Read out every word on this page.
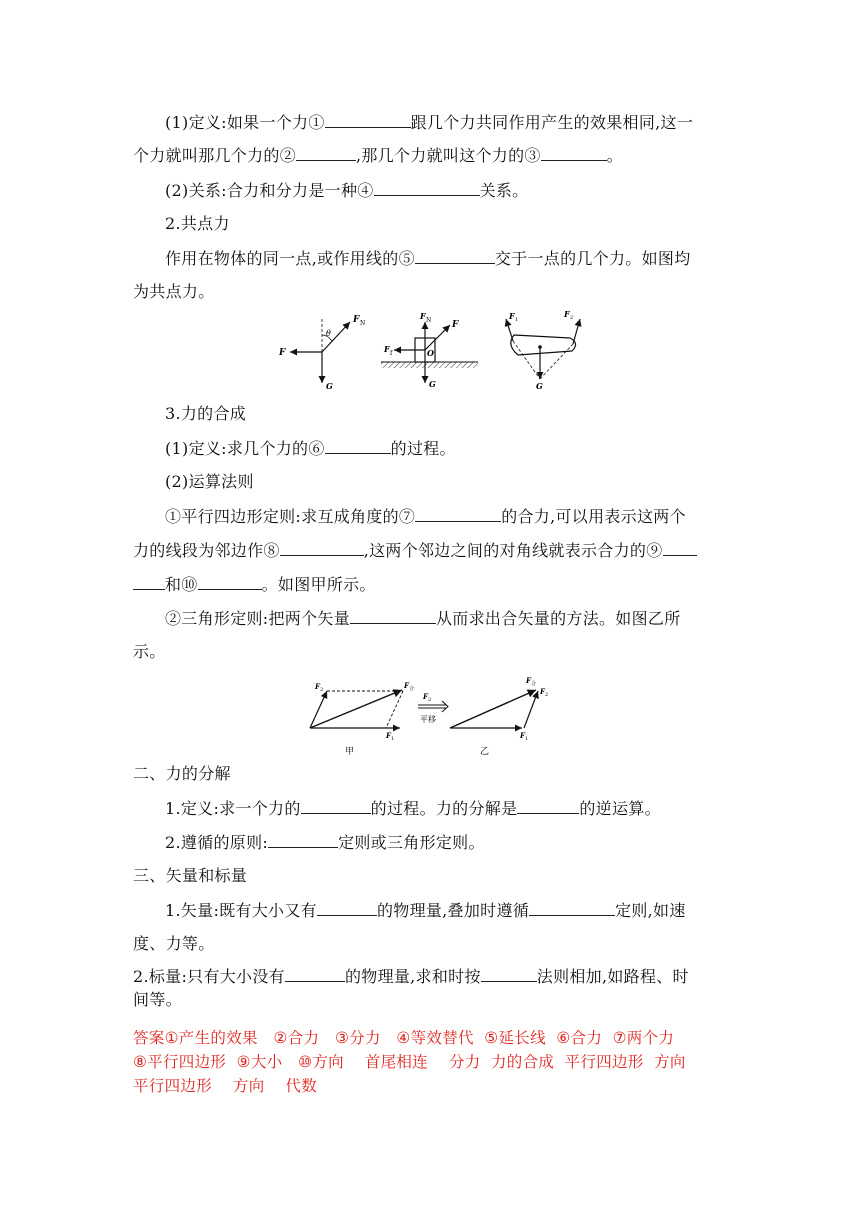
(1)定义:如果一个力①	跟几个力共同作用产生的效果相同,这一
个力就叫那几个力的②	,那几个力就叫这个力的③	。
(2)关系:合力和分力是一种④	关系。
2.共点力
作用在物体的同一点,或作用线的⑤	交于一点的几个力。如图均
为共点力。
F N
θ
F
G
F N F
F f	O
G
F 1
F 2
G
3.力的合成
(1)定义:求几个力的⑥	的过程。
(2)运算法则
①平行四边形定则:求互成角度的⑦	的合力,可以用表示这两个
力的线段为邻边作⑧	,这两个邻边之间的对角线就表示合力的⑨
和⑩	。如图甲所示。
②三角形定则:把两个矢量	从而求出合矢量的方法。如图乙所
示。
F 2	F 合
F 1
甲
F 2
平移
F 合
F 2
F 1
乙
二、力的分解
1.定义:求一个力的	的过程。力的分解是	的逆运算。
2.遵循的原则:	定则或三角形定则。
三、矢量和标量
1.矢量:既有大小又有	的物理量,叠加时遵循	定则,如速
度、力等。
2.标量:只有大小没有	的物理量,求和时按	法则相加,如路程、时
间等。
答案①产生的效果   ②合力   ③分力   ④等效替代  ⑤延长线  ⑥合力  ⑦两个力
⑧平行四边形  ⑨大小   ⑩方向    首尾相连    分力  力的合成  平行四边形  方向
平行四边形    方向    代数
